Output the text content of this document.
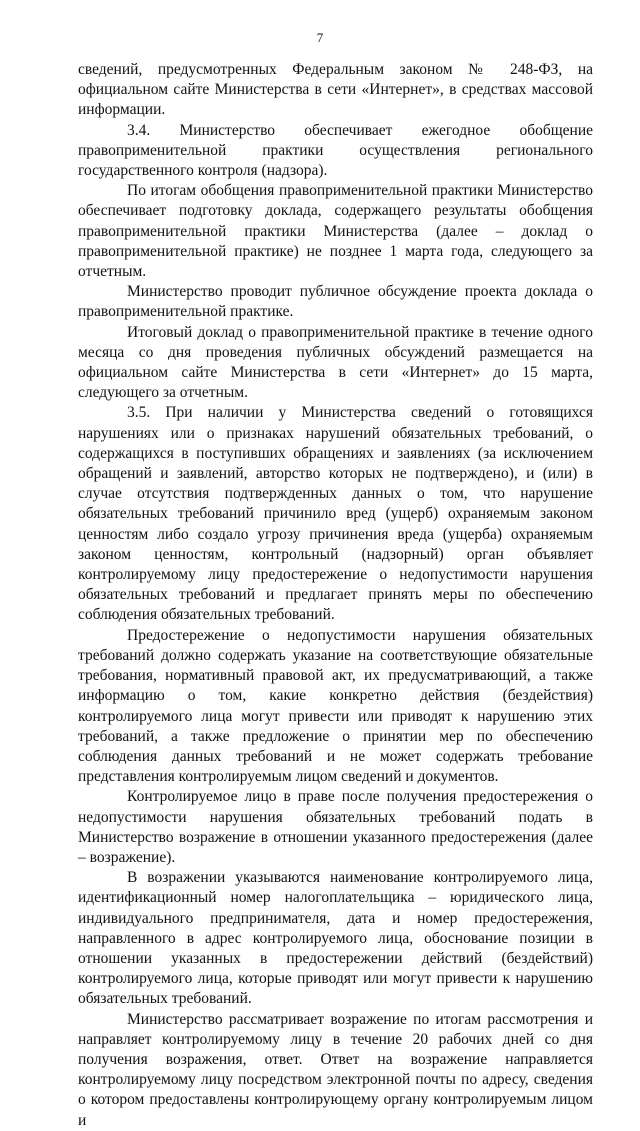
7

сведений, предусмотренных Федеральным законом № 248-ФЗ, на официальном сайте Министерства в сети «Интернет», в средствах массовой информации.

3.4. Министерство обеспечивает ежегодное обобщение правоприменительной практики осуществления регионального государственного контроля (надзора).

По итогам обобщения правоприменительной практики Министерство обеспечивает подготовку доклада, содержащего результаты обобщения правоприменительной практики Министерства (далее – доклад о правоприменительной практике) не позднее 1 марта года, следующего за отчетным.

Министерство проводит публичное обсуждение проекта доклада о правоприменительной практике.

Итоговый доклад о правоприменительной практике в течение одного месяца со дня проведения публичных обсуждений размещается на официальном сайте Министерства в сети «Интернет» до 15 марта, следующего за отчетным.

3.5. При наличии у Министерства сведений о готовящихся нарушениях или о признаках нарушений обязательных требований, о содержащихся в поступивших обращениях и заявлениях (за исключением обращений и заявлений, авторство которых не подтверждено), и (или) в случае отсутствия подтвержденных данных о том, что нарушение обязательных требований причинило вред (ущерб) охраняемым законом ценностям либо создало угрозу причинения вреда (ущерба) охраняемым законом ценностям, контрольный (надзорный) орган объявляет контролируемому лицу предостережение о недопустимости нарушения обязательных требований и предлагает принять меры по обеспечению соблюдения обязательных требований.

Предостережение о недопустимости нарушения обязательных требований должно содержать указание на соответствующие обязательные требования, нормативный правовой акт, их предусматривающий, а также информацию о том, какие конкретно действия (бездействия) контролируемого лица могут привести или приводят к нарушению этих требований, а также предложение о принятии мер по обеспечению соблюдения данных требований и не может содержать требование представления контролируемым лицом сведений и документов.

Контролируемое лицо в праве после получения предостережения о недопустимости нарушения обязательных требований подать в Министерство возражение в отношении указанного предостережения (далее – возражение).

В возражении указываются наименование контролируемого лица, идентификационный номер налогоплательщика – юридического лица, индивидуального предпринимателя, дата и номер предостережения, направленного в адрес контролируемого лица, обоснование позиции в отношении указанных в предостережении действий (бездействий) контролируемого лица, которые приводят или могут привести к нарушению обязательных требований.

Министерство рассматривает возражение по итогам рассмотрения и направляет контролируемому лицу в течение 20 рабочих дней со дня получения возражения, ответ. Ответ на возражение направляется контролируемому лицу посредством электронной почты по адресу, сведения о котором предоставлены контролирующему органу контролируемым лицом и
